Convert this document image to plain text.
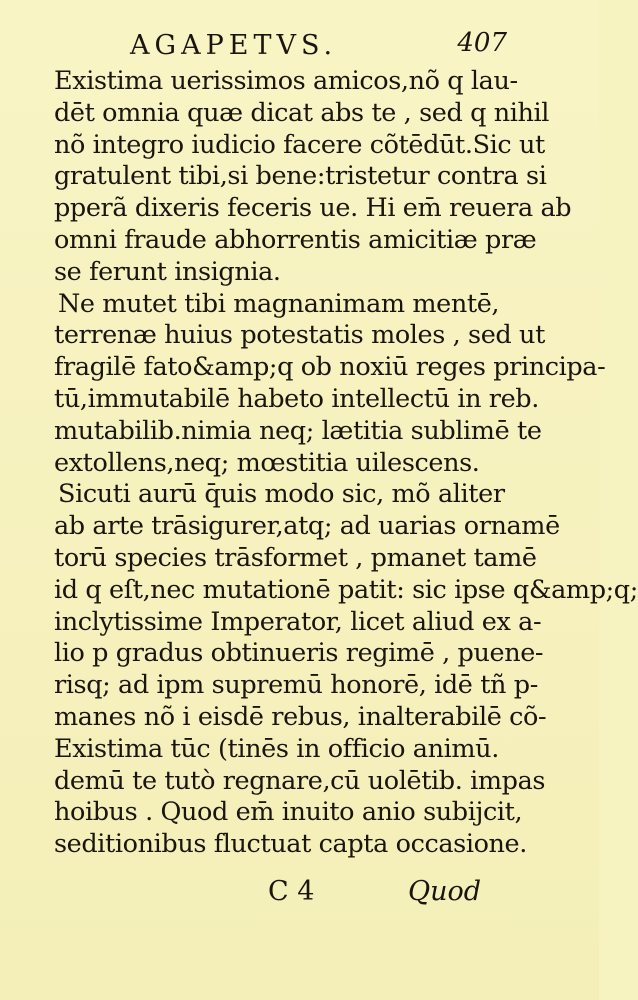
AGAPETVS.	407
Existima uerissimos amicos,nõ q lau-
dēt omnia quæ dicat abs te , sed q nihil
nõ integro iudicio facere cõtēdūt.Sic ut
gratulent tibi,si bene:tristetur contra si
pperã dixeris feceris ue. Hi em̄ reuera ab
omni fraude abhorrentis amicitiæ præ
se ferunt insignia.
Ne mutet tibi magnanimam mentē,
terrenæ huius potestatis moles , sed ut
fragilē fato&amp;q ob noxiū reges principa-
tū,immutabilē habeto intellectū in reb.
mutabilib.nimia neq; lætitia sublimē te
extollens,neq; mœstitia uilescens.
Sicuti aurū q̄uis modo sic, mõ aliter
ab arte trāsigurer,atq; ad uarias ornamē
torū species trāsformet , pmanet tamē
id q eſt,nec mutationē patit: sic ipse q&amp;q;
inclytissime Imperator, licet aliud ex a-
lio p gradus obtinueris regimē , puene-
risq; ad ipm supremū honorē, idē tñ p-
manes nõ i eisdē rebus, inalterabilē cõ-
Existima tūc (tinēs in officio animū.
demū te tutò regnare,cū uolētib. impas
hoibus . Quod em̄ inuito anio subijcit,
seditionibus fluctuat capta occasione.
C 4	Quod
